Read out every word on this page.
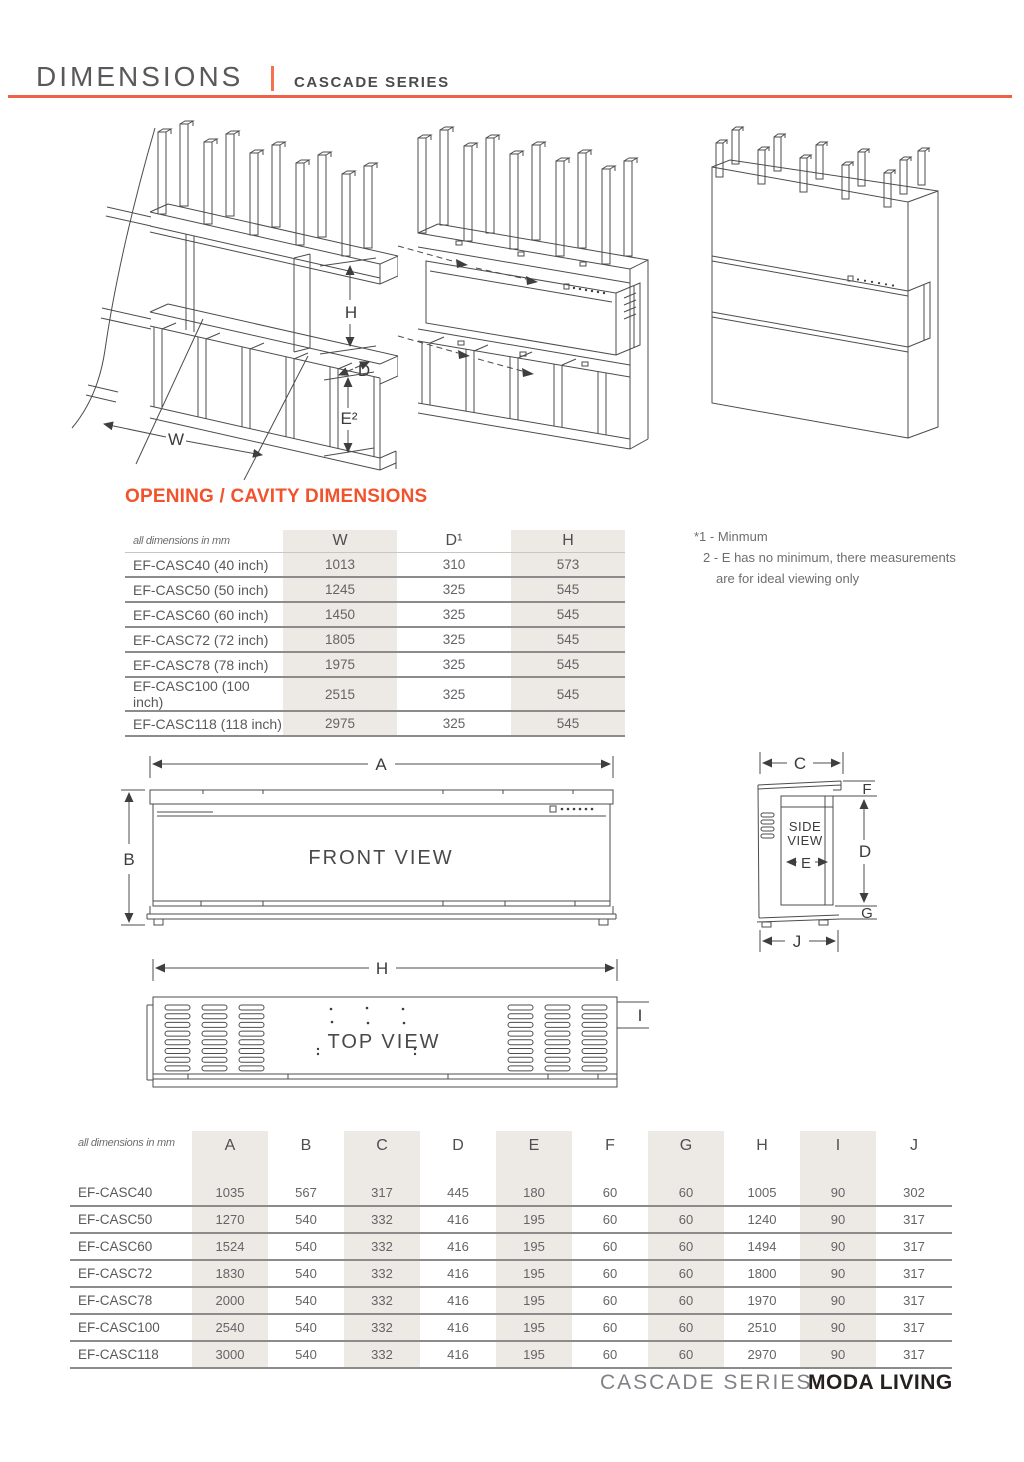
DIMENSIONS	CASCADE SERIES
H
D
E²
W
OPENING / CAVITY DIMENSIONS
all dimensions in mm	W	D¹	H
EF-CASC40 (40 inch)	1013	310	573
EF-CASC50 (50 inch)	1245	325	545
EF-CASC60 (60 inch)	1450	325	545
EF-CASC72 (72 inch)	1805	325	545
EF-CASC78 (78 inch)	1975	325	545
EF-CASC100 (100 inch)	2515	325	545
EF-CASC118 (118 inch)	2975	325	545
*1 - Minmum
2 - E has no minimum, there measurements
are for ideal viewing only
A
FRONT VIEW
B
C
SIDE
VIEW
E
F
D
G
J
H
I
TOP VIEW
all dimensions in mm	A	B	C	D	E	F	G	H	I	J
EF-CASC40	1035	567	317	445	180	60	60	1005	90	302
EF-CASC50	1270	540	332	416	195	60	60	1240	90	317
EF-CASC60	1524	540	332	416	195	60	60	1494	90	317
EF-CASC72	1830	540	332	416	195	60	60	1800	90	317
EF-CASC78	2000	540	332	416	195	60	60	1970	90	317
EF-CASC100	2540	540	332	416	195	60	60	2510	90	317
EF-CASC118	3000	540	332	416	195	60	60	2970	90	317
CASCADE SERIES
MODA LIVING
